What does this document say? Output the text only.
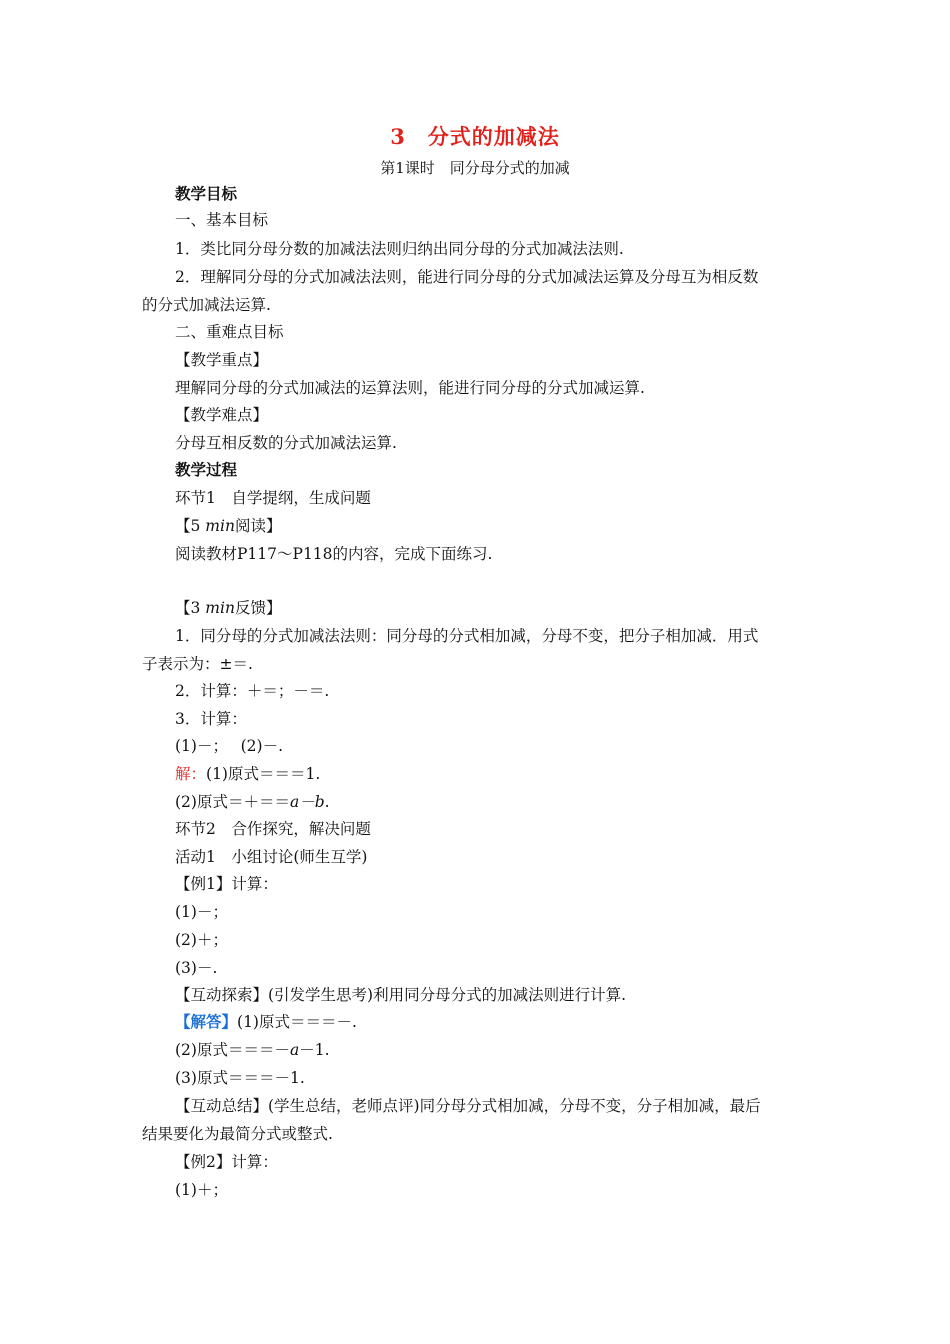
3　分式的加减法
第1课时　同分母分式的加减
教学目标
一、基本目标
1．类比同分母分数的加减法法则归纳出同分母的分式加减法法则.
2．理解同分母的分式加减法法则，能进行同分母的分式加减法运算及分母互为相反数
的分式加减法运算.
二、重难点目标
【教学重点】
理解同分母的分式加减法的运算法则，能进行同分母的分式加减运算.
【教学难点】
分母互相反数的分式加减法运算.
教学过程
环节1　自学提纲，生成问题
【5 min阅读】
阅读教材P117～P118的内容，完成下面练习.
【3 min反馈】
1．同分母的分式加减法法则：同分母的分式相加减，分母不变，把分子相加减．用式
子表示为：±＝.
2．计算：＋＝；－＝.
3．计算：
(1)－；　 (2)－.
解：(1)原式＝＝＝1.
(2)原式＝＋＝＝a－b.
环节2　合作探究，解决问题
活动1　小组讨论(师生互学)
【例1】计算：
(1)－；
(2)＋；
(3)－.
【互动探索】(引发学生思考)利用同分母分式的加减法则进行计算.
【解答】(1)原式＝＝＝－.
(2)原式＝＝＝－a－1.
(3)原式＝＝＝－1.
【互动总结】(学生总结，老师点评)同分母分式相加减，分母不变，分子相加减，最后
结果要化为最简分式或整式.
【例2】计算：
(1)＋；
